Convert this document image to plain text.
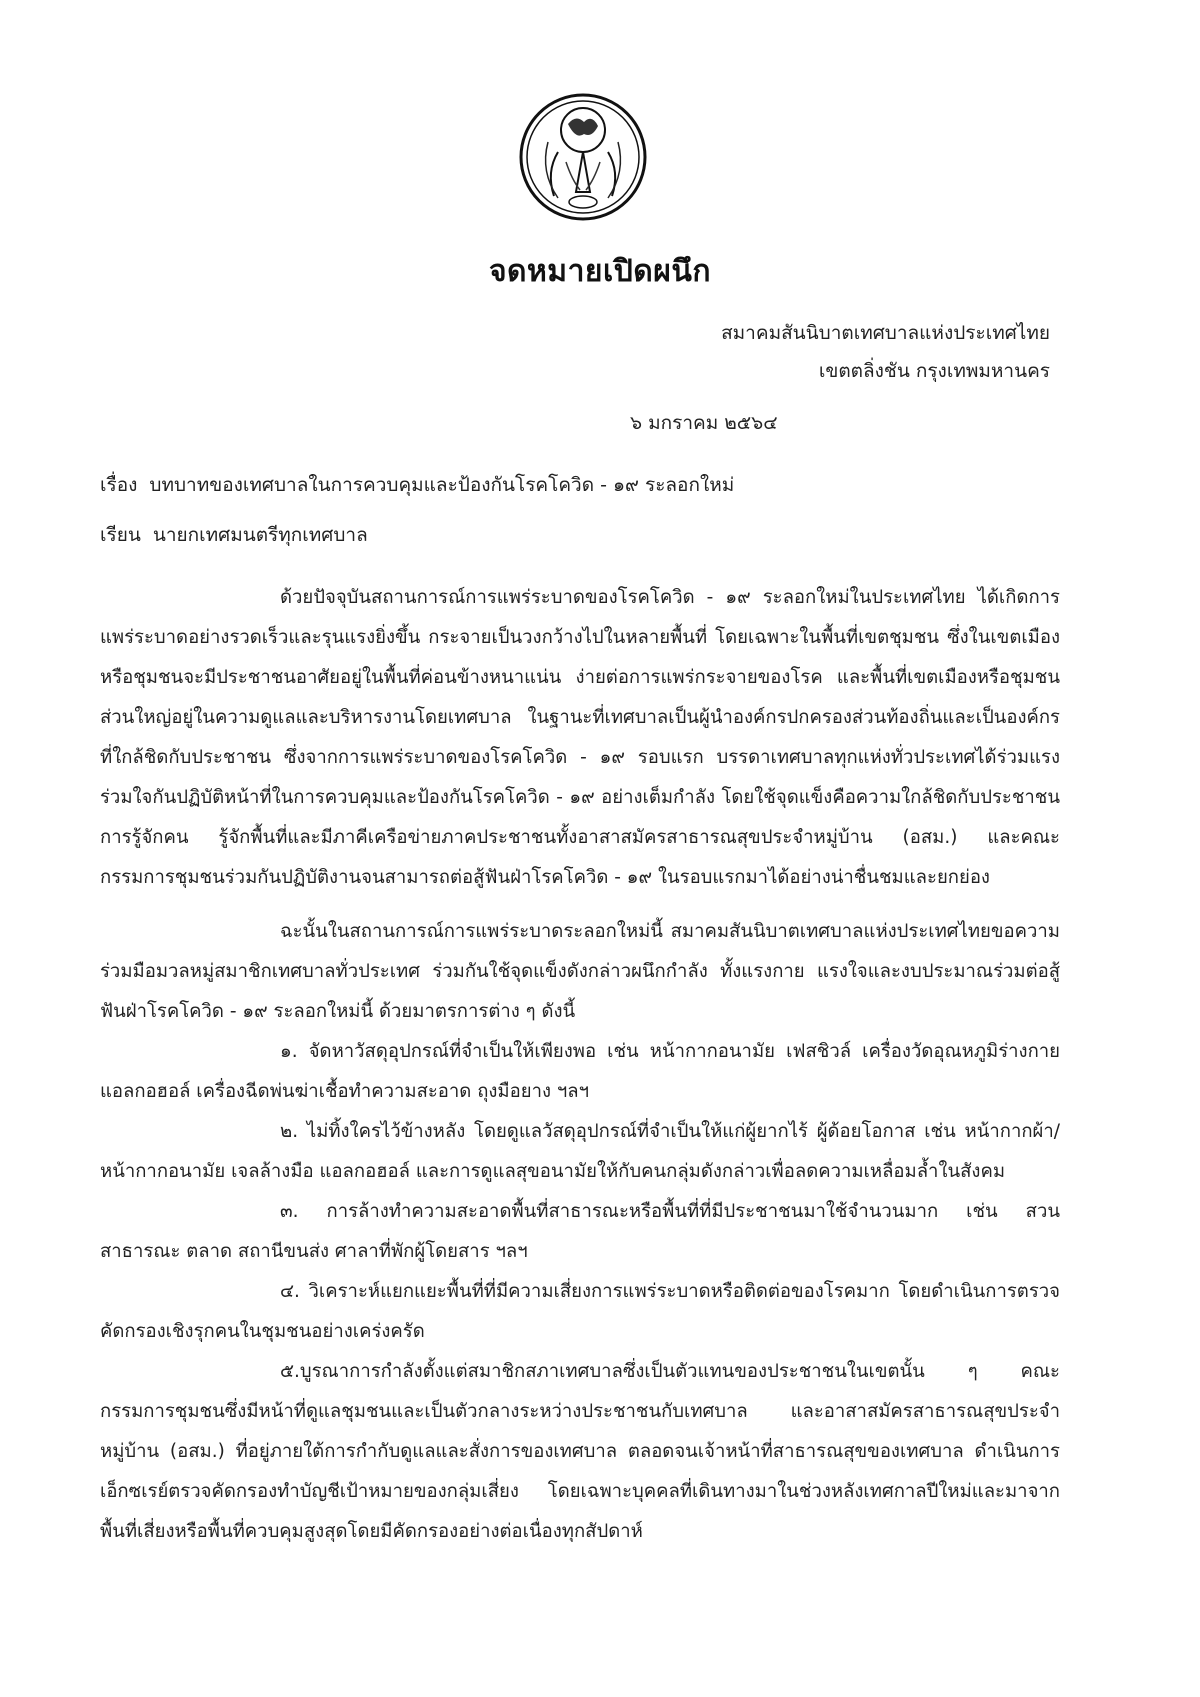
จดหมายเปิดผนึก
สมาคมสันนิบาตเทศบาลแห่งประเทศไทย
เขตตลิ่งชัน กรุงเทพมหานคร
๖ มกราคม ๒๕๖๔
เรื่อง บทบาทของเทศบาลในการควบคุมและป้องกันโรคโควิด - ๑๙ ระลอกใหม่
เรียน นายกเทศมนตรีทุกเทศบาล

ด้วยปัจจุบันสถานการณ์การแพร่ระบาดของโรคโควิด - ๑๙ ระลอกใหม่ในประเทศไทย ได้เกิดการแพร่ระบาดอย่างรวดเร็วและรุนแรงยิ่งขึ้น กระจายเป็นวงกว้างไปในหลายพื้นที่ โดยเฉพาะในพื้นที่เขตชุมชน ซึ่งในเขตเมืองหรือชุมชนจะมีประชาชนอาศัยอยู่ในพื้นที่ค่อนข้างหนาแน่น ง่ายต่อการแพร่กระจายของโรค และพื้นที่เขตเมืองหรือชุมชนส่วนใหญ่อยู่ในความดูแลและบริหารงานโดยเทศบาล ในฐานะที่เทศบาลเป็นผู้นำองค์กรปกครองส่วนท้องถิ่นและเป็นองค์กรที่ใกล้ชิดกับประชาชน ซึ่งจากการแพร่ระบาดของโรคโควิด - ๑๙ รอบแรก บรรดาเทศบาลทุกแห่งทั่วประเทศได้ร่วมแรงร่วมใจกันปฏิบัติหน้าที่ในการควบคุมและป้องกันโรคโควิด - ๑๙ อย่างเต็มกำลัง โดยใช้จุดแข็งคือความใกล้ชิดกับประชาชน การรู้จักคน รู้จักพื้นที่และมีภาคีเครือข่ายภาคประชาชนทั้งอาสาสมัครสาธารณสุขประจำหมู่บ้าน (อสม.) และคณะกรรมการชุมชนร่วมกันปฏิบัติงานจนสามารถต่อสู้ฟันฝ่าโรคโควิด - ๑๙ ในรอบแรกมาได้อย่างน่าชื่นชมและยกย่อง

ฉะนั้นในสถานการณ์การแพร่ระบาดระลอกใหม่นี้ สมาคมสันนิบาตเทศบาลแห่งประเทศไทยขอความร่วมมือมวลหมู่สมาชิกเทศบาลทั่วประเทศ ร่วมกันใช้จุดแข็งดังกล่าวผนึกกำลัง ทั้งแรงกาย แรงใจและงบประมาณร่วมต่อสู้ฟันฝ่าโรคโควิด - ๑๙ ระลอกใหม่นี้ ด้วยมาตรการต่าง ๆ ดังนี้

๑. จัดหาวัสดุอุปกรณ์ที่จำเป็นให้เพียงพอ เช่น หน้ากากอนามัย เฟสชิวล์ เครื่องวัดอุณหภูมิร่างกาย แอลกอฮอล์ เครื่องฉีดพ่นฆ่าเชื้อทำความสะอาด ถุงมือยาง ฯลฯ

๒. ไม่ทิ้งใครไว้ข้างหลัง โดยดูแลวัสดุอุปกรณ์ที่จำเป็นให้แก่ผู้ยากไร้ ผู้ด้อยโอกาส เช่น หน้ากากผ้า/หน้ากากอนามัย เจลล้างมือ แอลกอฮอล์ และการดูแลสุขอนามัยให้กับคนกลุ่มดังกล่าวเพื่อลดความเหลื่อมล้ำในสังคม

๓. การล้างทำความสะอาดพื้นที่สาธารณะหรือพื้นที่ที่มีประชาชนมาใช้จำนวนมาก เช่น สวนสาธารณะ ตลาด สถานีขนส่ง ศาลาที่พักผู้โดยสาร ฯลฯ

๔. วิเคราะห์แยกแยะพื้นที่ที่มีความเสี่ยงการแพร่ระบาดหรือติดต่อของโรคมาก โดยดำเนินการตรวจคัดกรองเชิงรุกคนในชุมชนอย่างเคร่งครัด

๕.บูรณาการกำลังตั้งแต่สมาชิกสภาเทศบาลซึ่งเป็นตัวแทนของประชาชนในเขตนั้น ๆ คณะกรรมการชุมชนซึ่งมีหน้าที่ดูแลชุมชนและเป็นตัวกลางระหว่างประชาชนกับเทศบาล และอาสาสมัครสาธารณสุขประจำหมู่บ้าน (อสม.) ที่อยู่ภายใต้การกำกับดูแลและสั่งการของเทศบาล ตลอดจนเจ้าหน้าที่สาธารณสุขของเทศบาล ดำเนินการเอ็กซเรย์ตรวจคัดกรองทำบัญชีเป้าหมายของกลุ่มเสี่ยง โดยเฉพาะบุคคลที่เดินทางมาในช่วงหลังเทศกาลปีใหม่และมาจากพื้นที่เสี่ยงหรือพื้นที่ควบคุมสูงสุดโดยมีคัดกรองอย่างต่อเนื่องทุกสัปดาห์
